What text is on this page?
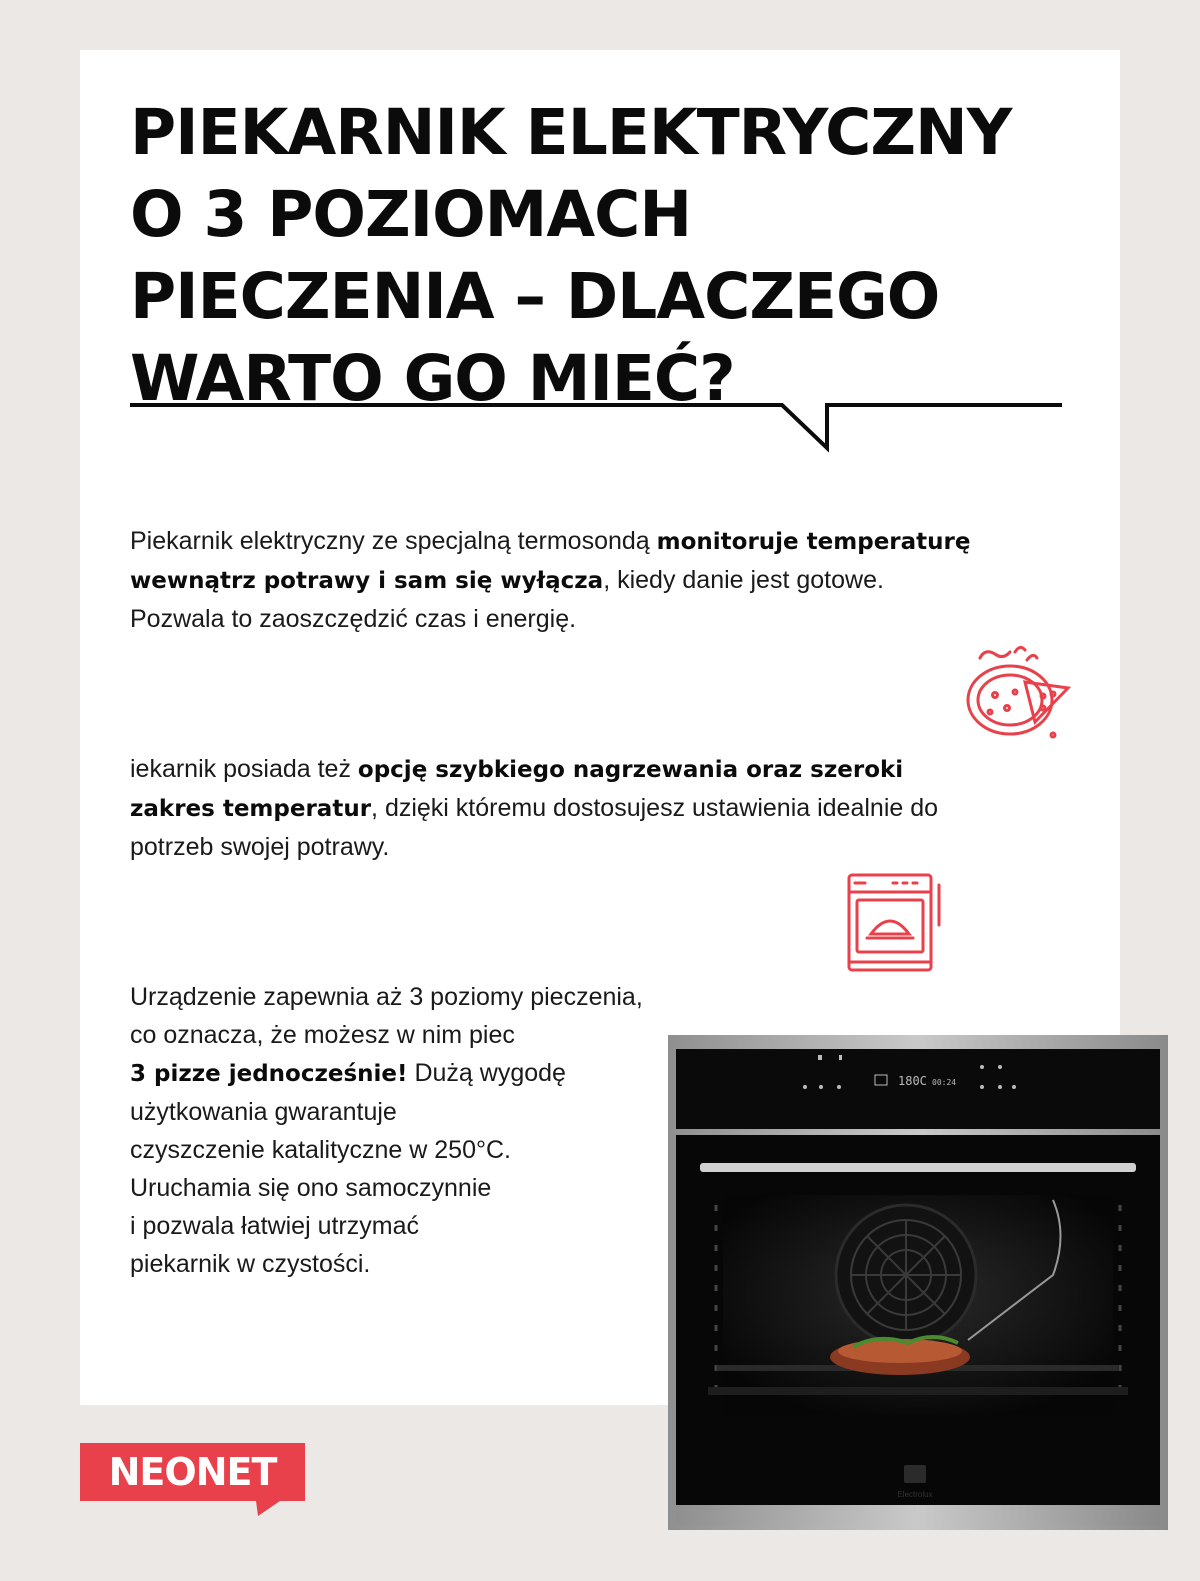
PIEKARNIK ELEKTRYCZNY
O 3 POZIOMACH
PIECZENIA – DLACZEGO
WARTO GO MIEĆ?

Piekarnik elektryczny ze specjalną termosondą monitoruje temperaturę wewnątrz potrawy i sam się wyłącza, kiedy danie jest gotowe. Pozwala to zaoszczędzić czas i energię.

iekarnik posiada też opcję szybkiego nagrzewania oraz szeroki zakres temperatur, dzięki któremu dostosujesz ustawienia idealnie do potrzeb swojej potrawy.

Urządzenie zapewnia aż 3 poziomy pieczenia,
co oznacza, że możesz w nim piec
3 pizze jednocześnie! Dużą wygodę
użytkowania gwarantuje
czyszczenie katalityczne w 250°C.
Uruchamia się ono samoczynnie
i pozwala łatwiej utrzymać
piekarnik w czystości.

180C 00:24
Electrolux
NEONET
